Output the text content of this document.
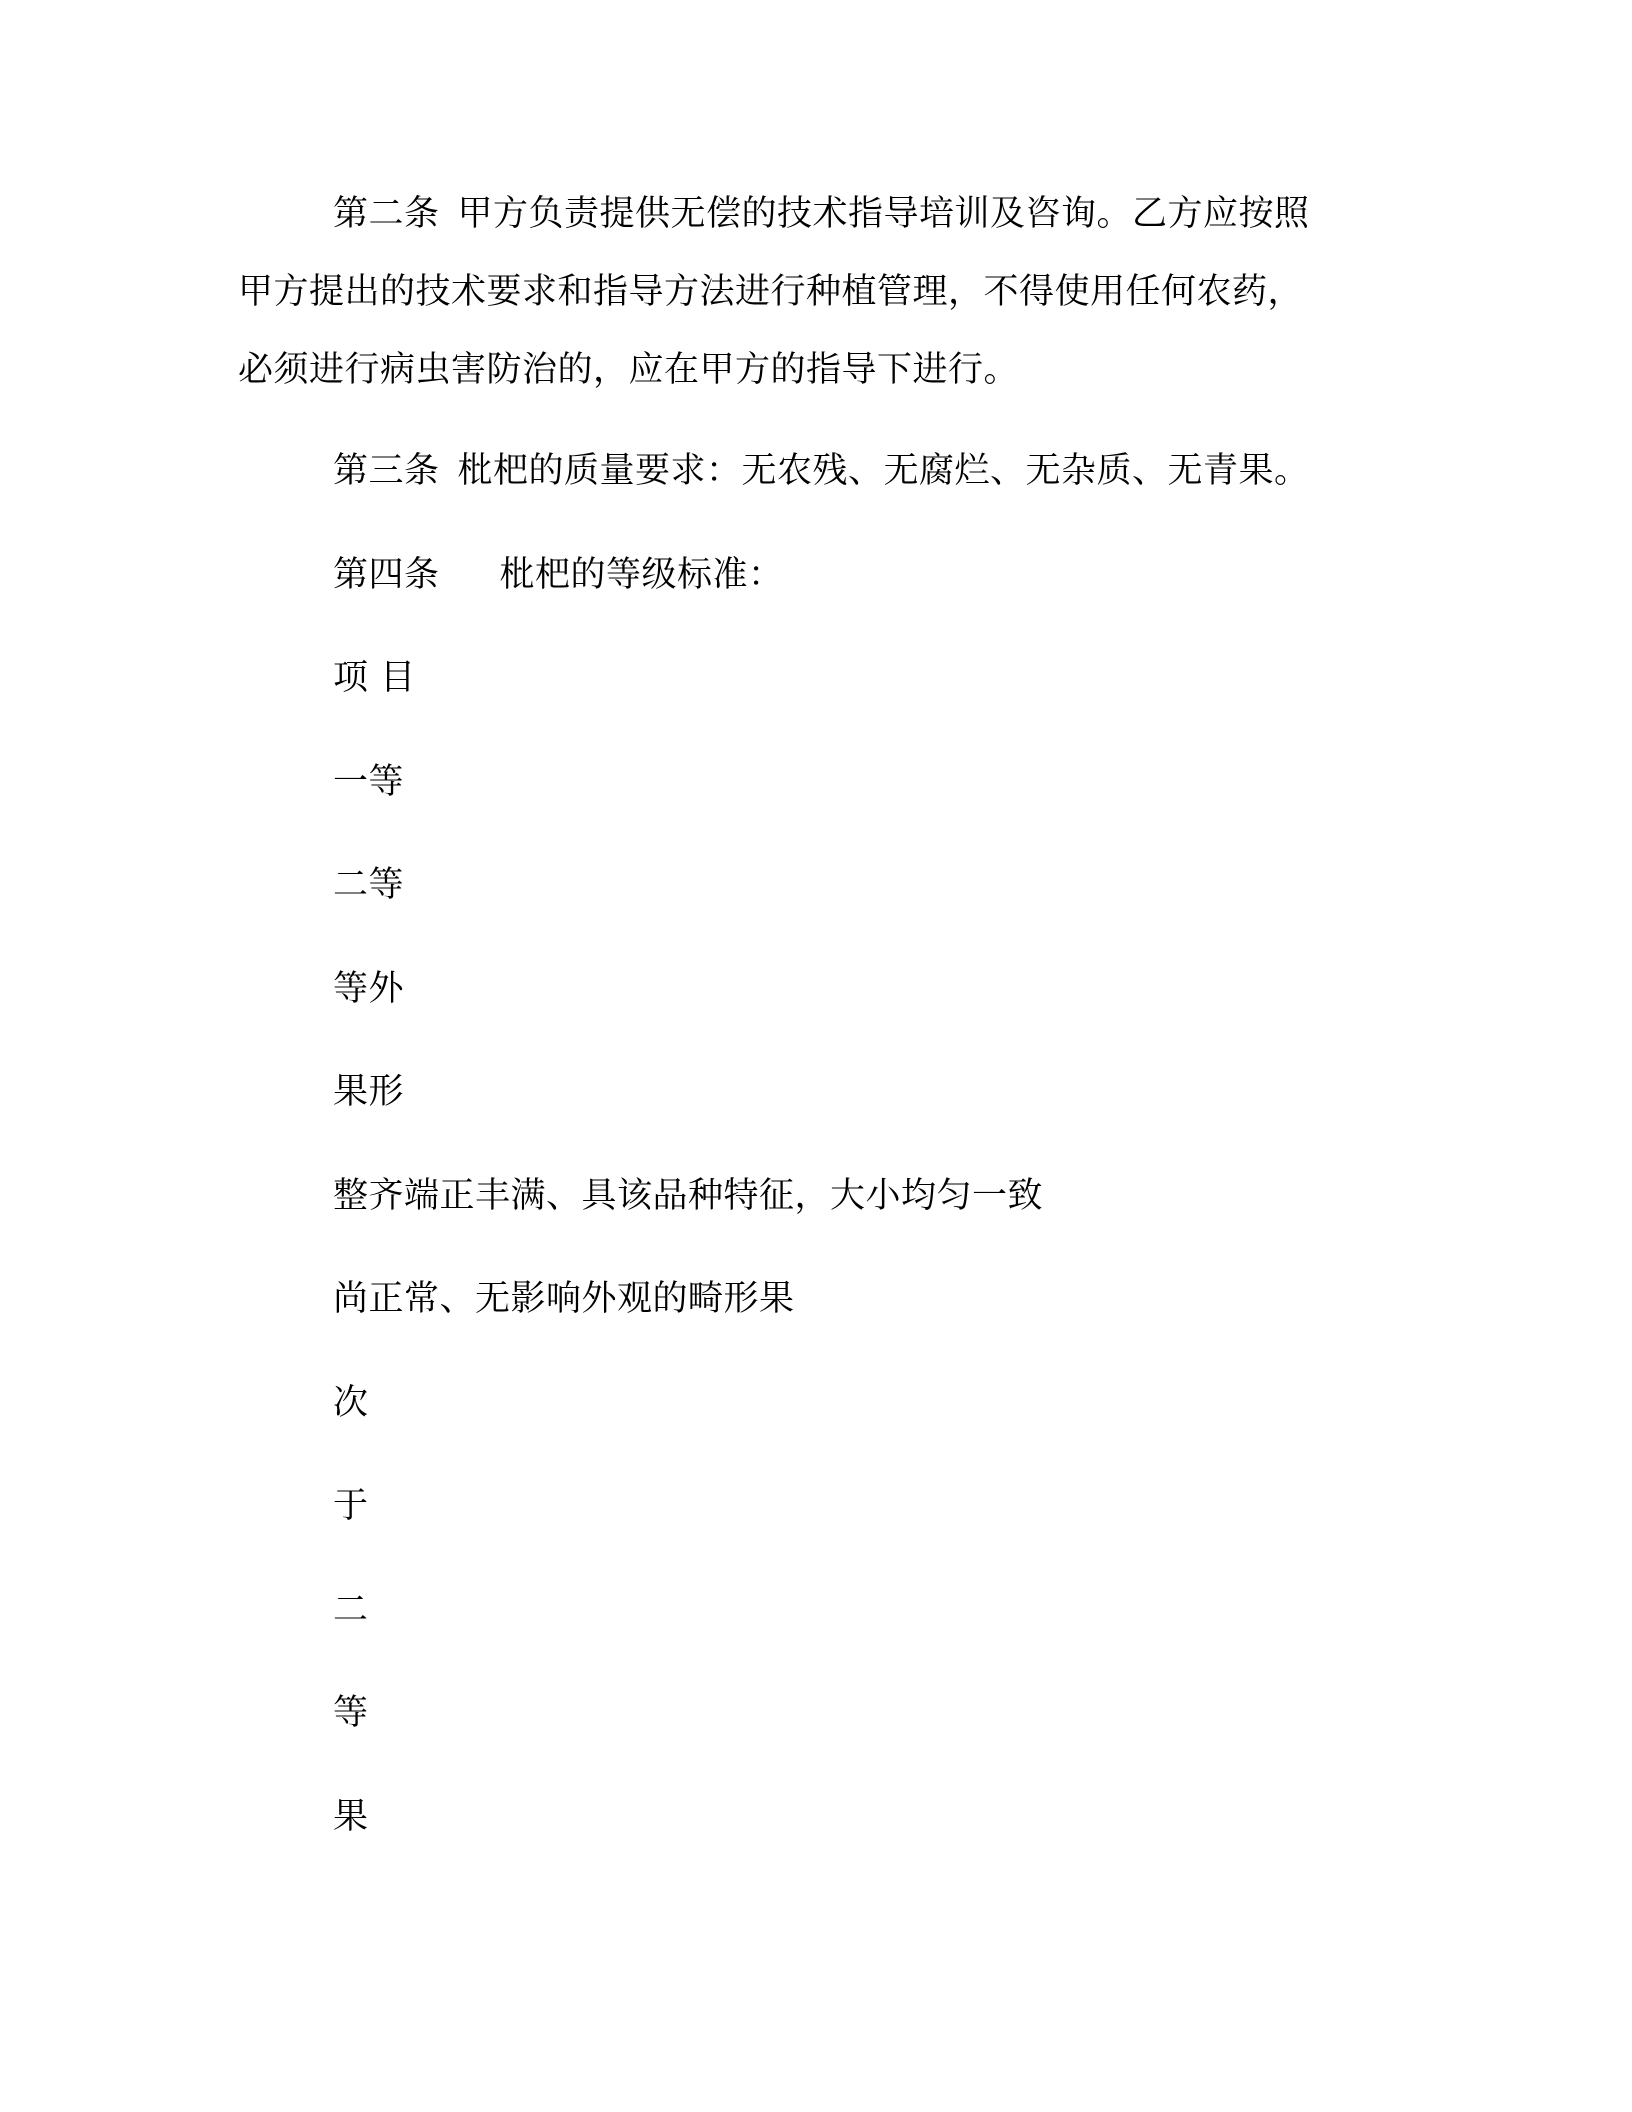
第二条 甲方负责提供无偿的技术指导培训及咨询。乙方应按照
甲方提出的技术要求和指导方法进行种植管理，不得使用任何农药，
必须进行病虫害防治的，应在甲方的指导下进行。
第三条 枇杷的质量要求：无农残、无腐烂、无杂质、无青果。
第四条 枇杷的等级标准：
项 目
一等
二等
等外
果形
整齐端正丰满、具该品种特征，大小均匀一致
尚正常、无影响外观的畸形果
次
于
二
等
果
